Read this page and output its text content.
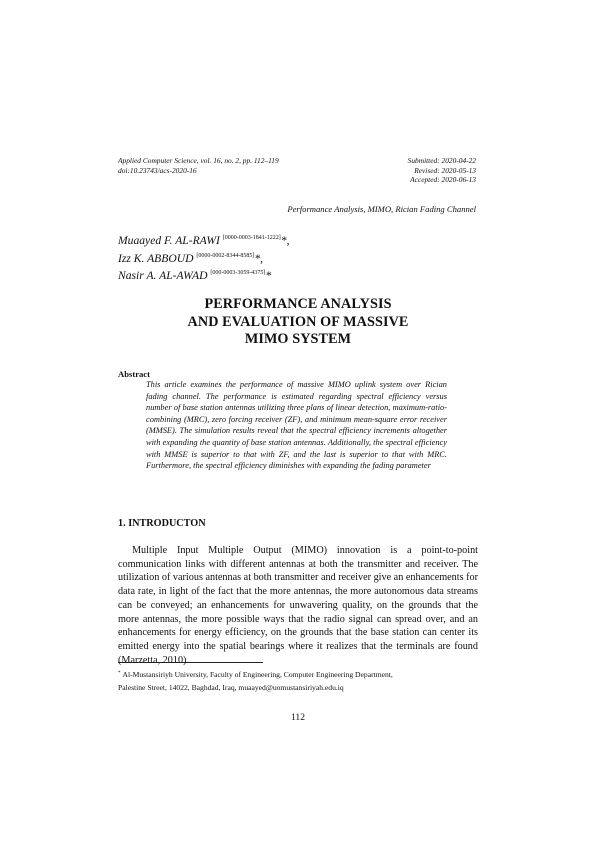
Applied Computer Science, vol. 16, no. 2, pp. 112–119
doi:10.23743/acs-2020-16
Submitted: 2020-04-22
Revised: 2020-05-13
Accepted: 2020-06-13
Performance Analysis, MIMO, Rician Fading Channel
Muaayed F. AL-RAWI [0000-0003-1841-1222]*,
Izz K. ABBOUD [0000-0002-8344-8585]*,
Nasir A. AL-AWAD [000-0003-3059-4375]*
PERFORMANCE ANALYSIS
AND EVALUATION OF MASSIVE
MIMO SYSTEM
Abstract
This article examines the performance of massive MIMO uplink system over Rician fading channel. The performance is estimated regarding spectral efficiency versus number of base station antennas utilizing three plans of linear detection, maximum-ratio-combining (MRC), zero forcing receiver (ZF), and minimum mean-square error receiver (MMSE). The simulation results reveal that the spectral efficiency increments altogether with expanding the quantity of base station antennas. Additionally, the spectral efficiency with MMSE is superior to that with ZF, and the last is superior to that with MRC. Furthermore, the spectral efficiency diminishes with expanding the fading parameter
1. INTRODUCTON
Multiple Input Multiple Output (MIMO) innovation is a point-to-point communication links with different antennas at both the transmitter and receiver. The utilization of various antennas at both transmitter and receiver give an enhancements for data rate, in light of the fact that the more antennas, the more autonomous data streams can be conveyed; an enhancements for unwavering quality, on the grounds that the more antennas, the more possible ways that the radio signal can spread over, and an enhancements for energy efficiency, on the grounds that the base station can center its emitted energy into the spatial bearings where it realizes that the terminals are found (Marzetta, 2010).
* Al-Mustansiriyh University, Faculty of Engineering, Computer Engineering Department,
Palestine Street, 14022, Baghdad, Iraq, muaayed@uomustansiriyah.edu.iq
112
